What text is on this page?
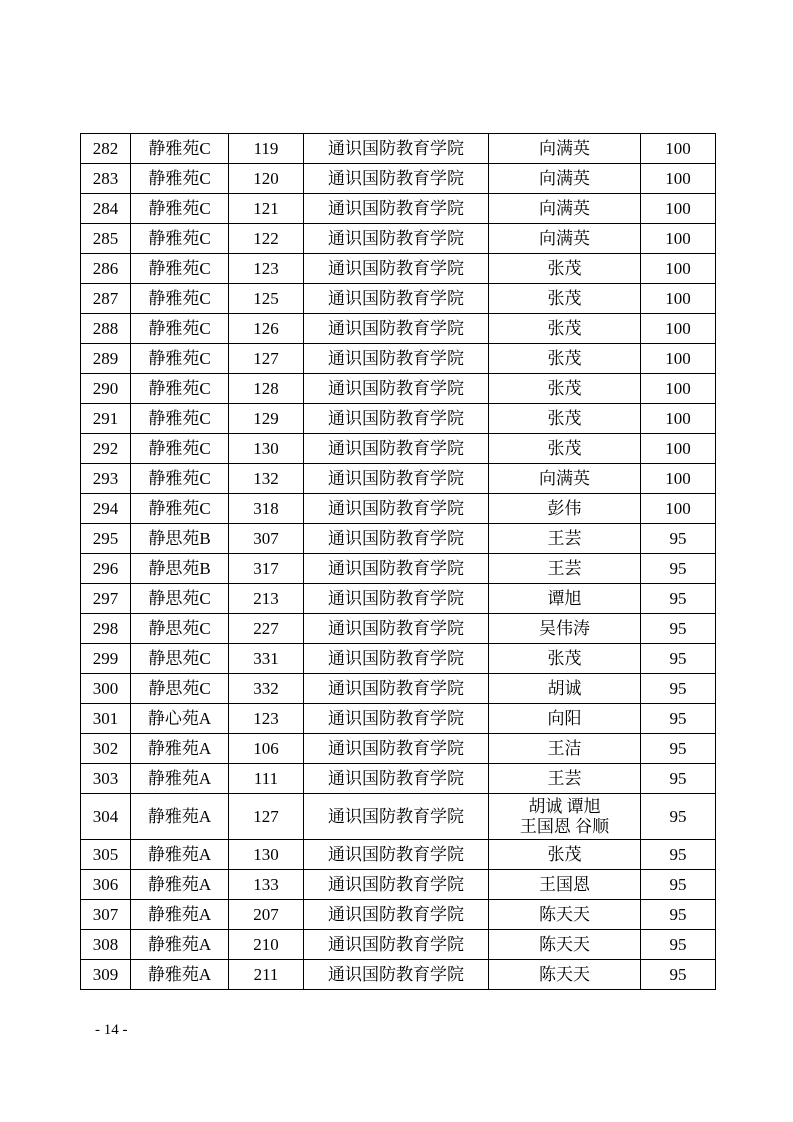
282	静雅苑C	119	通识国防教育学院	向满英	100
283	静雅苑C	120	通识国防教育学院	向满英	100
284	静雅苑C	121	通识国防教育学院	向满英	100
285	静雅苑C	122	通识国防教育学院	向满英	100
286	静雅苑C	123	通识国防教育学院	张茂	100
287	静雅苑C	125	通识国防教育学院	张茂	100
288	静雅苑C	126	通识国防教育学院	张茂	100
289	静雅苑C	127	通识国防教育学院	张茂	100
290	静雅苑C	128	通识国防教育学院	张茂	100
291	静雅苑C	129	通识国防教育学院	张茂	100
292	静雅苑C	130	通识国防教育学院	张茂	100
293	静雅苑C	132	通识国防教育学院	向满英	100
294	静雅苑C	318	通识国防教育学院	彭伟	100
295	静思苑B	307	通识国防教育学院	王芸	95
296	静思苑B	317	通识国防教育学院	王芸	95
297	静思苑C	213	通识国防教育学院	谭旭	95
298	静思苑C	227	通识国防教育学院	吴伟涛	95
299	静思苑C	331	通识国防教育学院	张茂	95
300	静思苑C	332	通识国防教育学院	胡诚	95
301	静心苑A	123	通识国防教育学院	向阳	95
302	静雅苑A	106	通识国防教育学院	王洁	95
303	静雅苑A	111	通识国防教育学院	王芸	95
304	静雅苑A	127	通识国防教育学院	胡诚 谭旭
王国恩 谷顺	95
305	静雅苑A	130	通识国防教育学院	张茂	95
306	静雅苑A	133	通识国防教育学院	王国恩	95
307	静雅苑A	207	通识国防教育学院	陈天天	95
308	静雅苑A	210	通识国防教育学院	陈天天	95
309	静雅苑A	211	通识国防教育学院	陈天天	95
- 14 -
